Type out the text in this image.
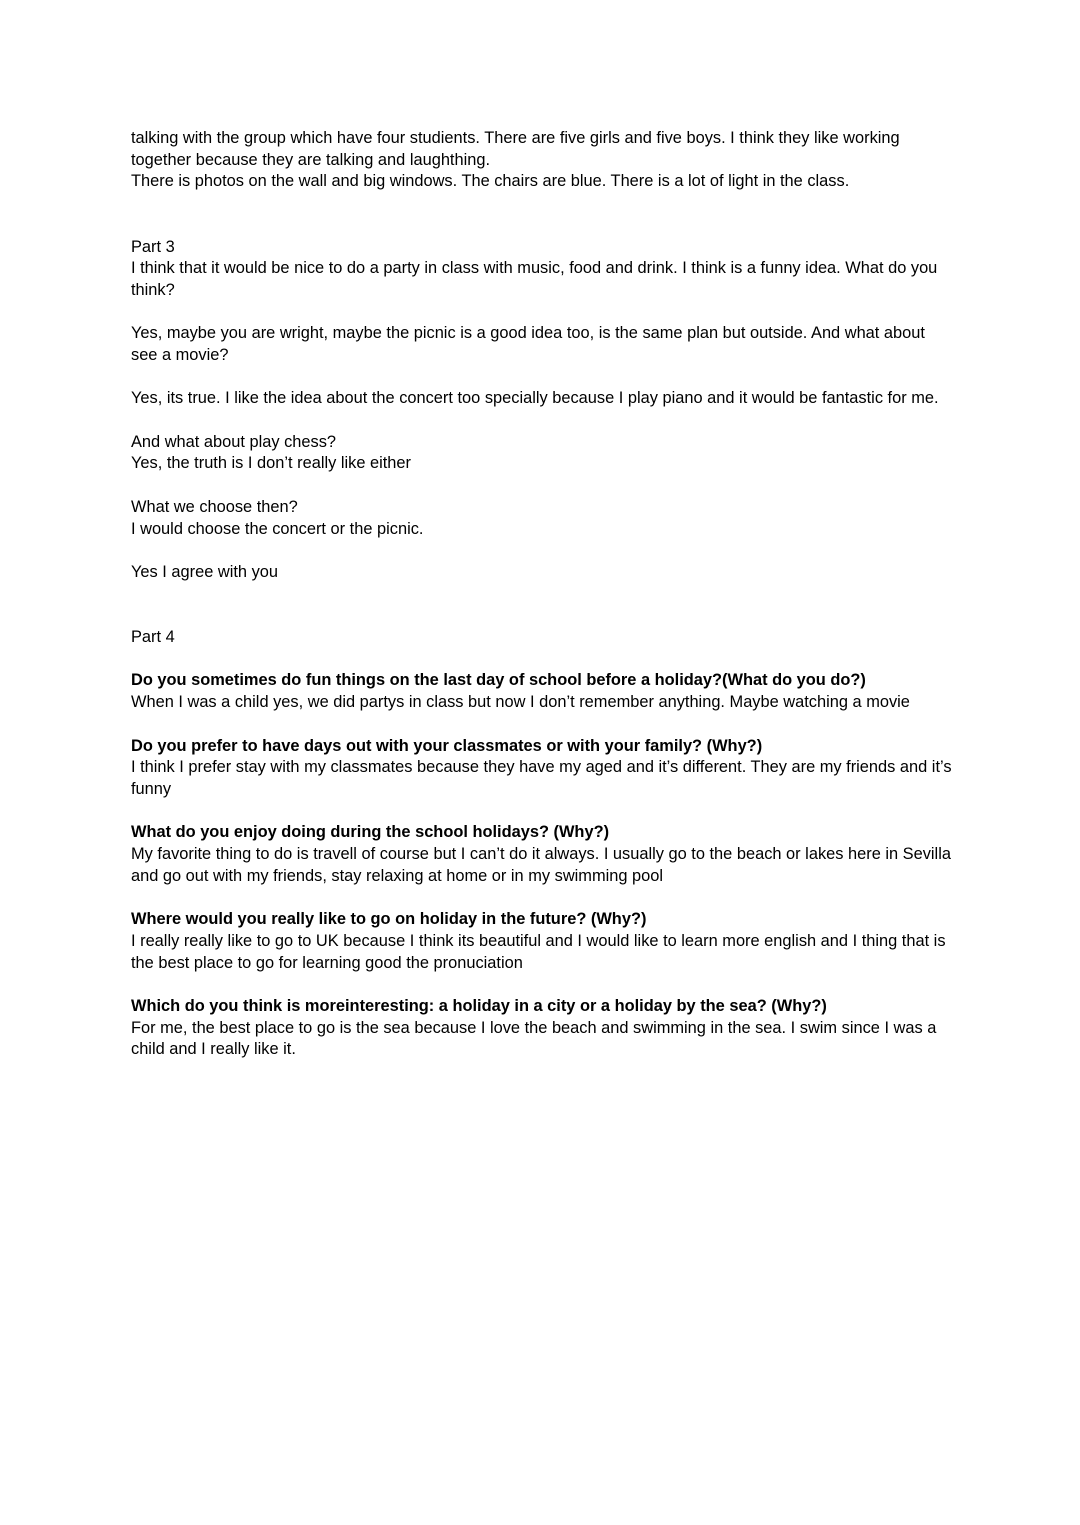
talking with the group which have four studients. There are five girls and five boys. I think they like working
together because they are talking and laughthing.
There is photos on the wall and big windows. The chairs are blue. There is a lot of light in the class.
Part 3
I think that it would be nice to do a party in class with music, food and drink. I think is a funny idea. What do you
think?
Yes, maybe you are wright, maybe the picnic is a good idea too, is the same plan but outside. And what about
see a movie?
Yes, its true. I like the idea about the concert too specially because I play piano and it would be fantastic for me.
And what about play chess?
Yes, the truth is I don’t really like either
What we choose then?
I would choose the concert or the picnic.
Yes I agree with you
Part 4
Do you sometimes do fun things on the last day of school before a holiday?(What do you do?)
When I was a child yes, we did partys in class but now I don’t remember anything. Maybe watching a movie
Do you prefer to have days out with your classmates or with your family? (Why?)
I think I prefer stay with my classmates because they have my aged and it’s different. They are my friends and it’s
funny
What do you enjoy doing during the school holidays? (Why?)
My favorite thing to do is travell of course but I can’t do it always. I usually go to the beach or lakes here in Sevilla
and go out with my friends, stay relaxing at home or in my swimming pool
Where would you really like to go on holiday in the future? (Why?)
I really really like to go to UK because I think its beautiful and I would like to learn more english and I thing that is
the best place to go for learning good the pronuciation
Which do you think is moreinteresting: a holiday in a city or a holiday by the sea? (Why?)
For me, the best place to go is the sea because I love the beach and swimming in the sea. I swim since I was a
child and I really like it.
